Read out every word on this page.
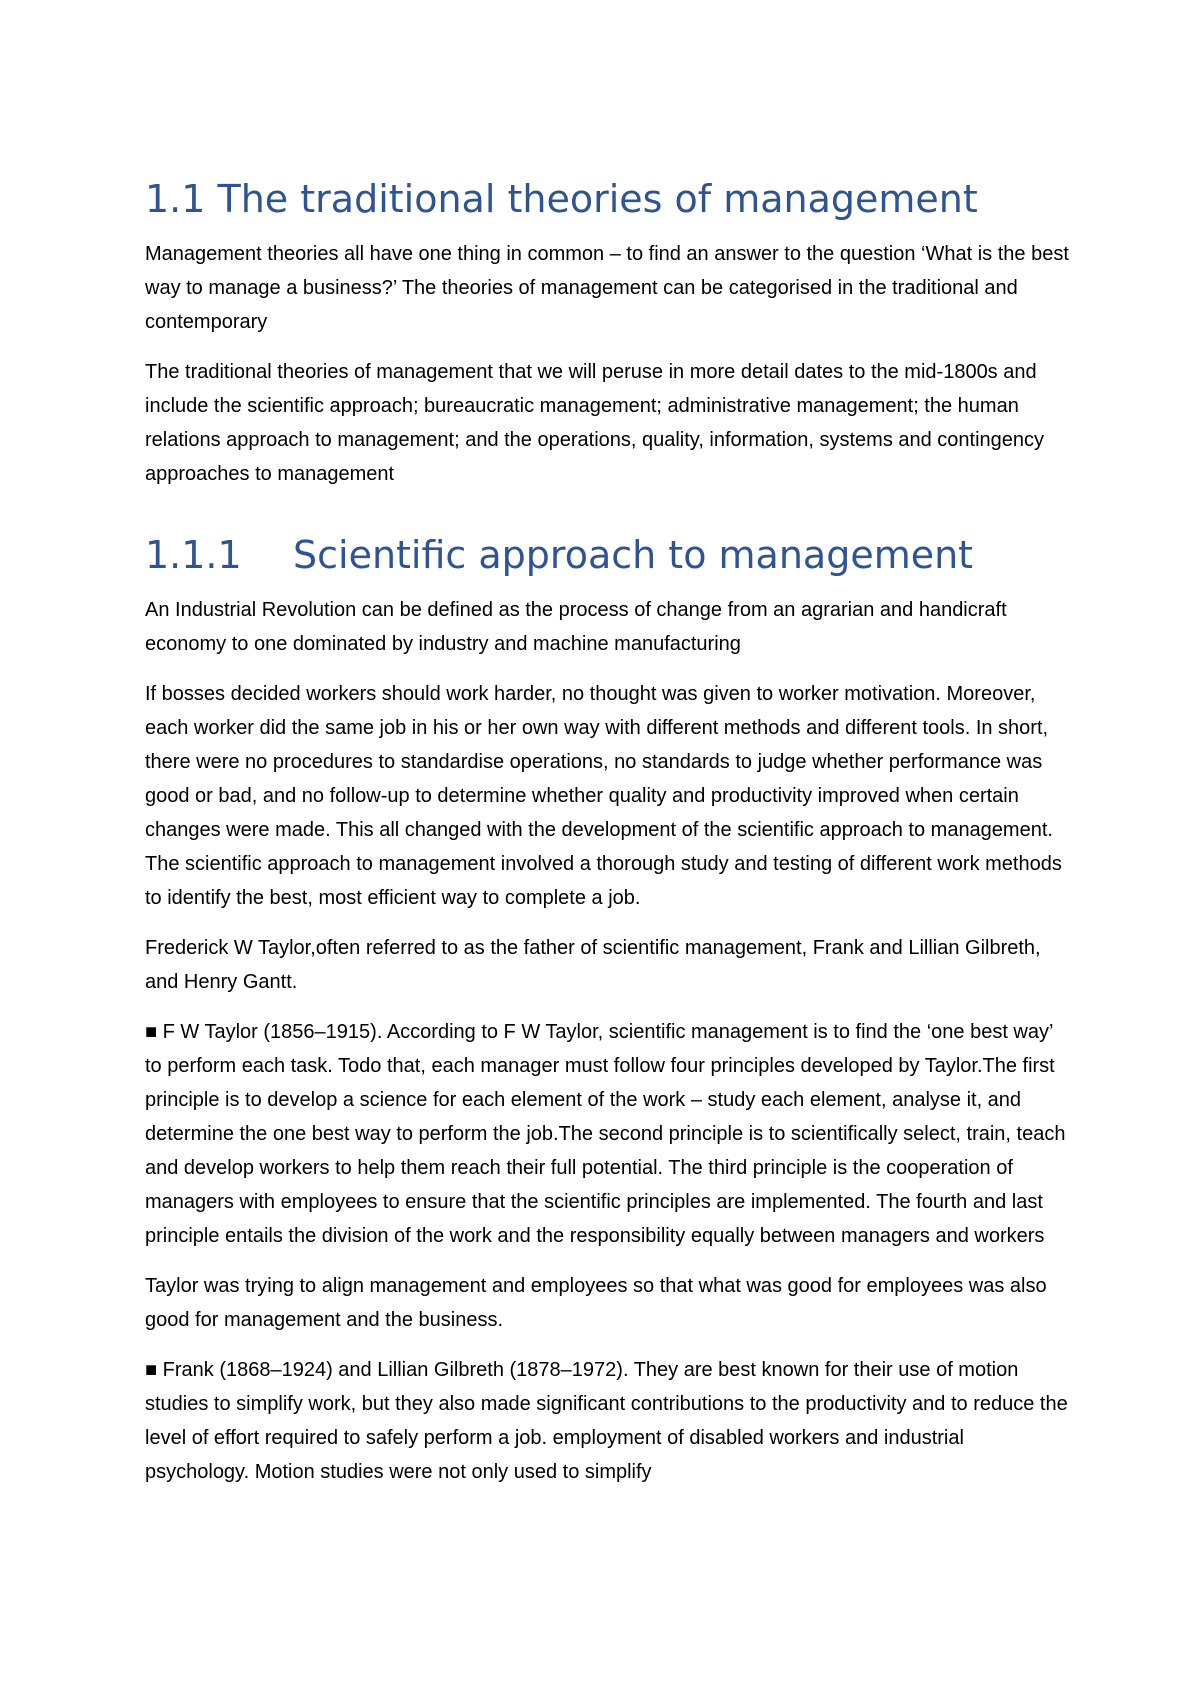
1.1 The traditional theories of management

Management theories all have one thing in common – to find an answer to the question ‘What is the best way to manage a business?’ The theories of management can be categorised in the traditional and contemporary

The traditional theories of management that we will peruse in more detail dates to the mid-1800s and include the scientific approach; bureaucratic management; administrative management; the human relations approach to management; and the operations, quality, information, systems and contingency approaches to management

1.1.1 Scientific approach to management

An Industrial Revolution can be defined as the process of change from an agrarian and handicraft economy to one dominated by industry and machine manufacturing

If bosses decided workers should work harder, no thought was given to worker motivation. Moreover, each worker did the same job in his or her own way with different methods and different tools. In short, there were no procedures to standardise operations, no standards to judge whether performance was good or bad, and no follow-up to determine whether quality and productivity improved when certain changes were made. This all changed with the development of the scientific approach to management. The scientific approach to management involved a thorough study and testing of different work methods to identify the best, most efficient way to complete a job.

Frederick W Taylor,often referred to as the father of scientific management, Frank and Lillian Gilbreth, and Henry Gantt.

■ F W Taylor (1856–1915). According to F W Taylor, scientific management is to find the ‘one best way’ to perform each task. Todo that, each manager must follow four principles developed by Taylor.The first principle is to develop a science for each element of the work – study each element, analyse it, and determine the one best way to perform the job.The second principle is to scientifically select, train, teach and develop workers to help them reach their full potential. The third principle is the cooperation of managers with employees to ensure that the scientific principles are implemented. The fourth and last principle entails the division of the work and the responsibility equally between managers and workers

Taylor was trying to align management and employees so that what was good for employees was also good for management and the business.

■ Frank (1868–1924) and Lillian Gilbreth (1878–1972). They are best known for their use of motion studies to simplify work, but they also made significant contributions to the productivity and to reduce the level of effort required to safely perform a job. employment of disabled workers and industrial psychology. Motion studies were not only used to simplify
